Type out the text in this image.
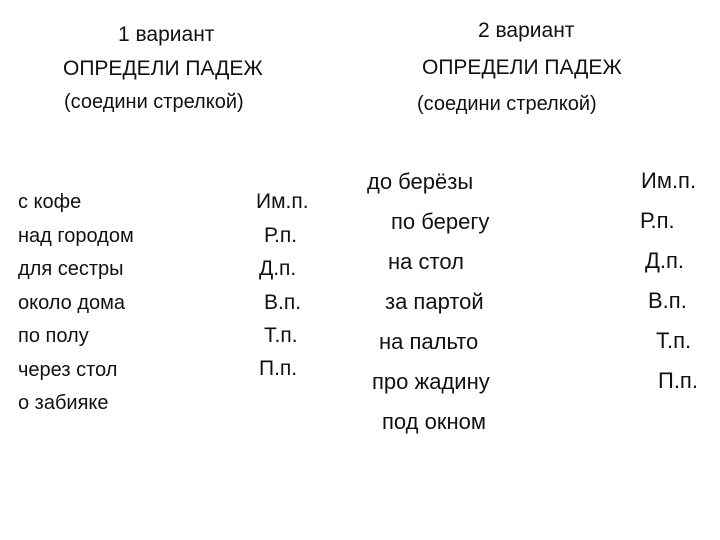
1 вариант
ОПРЕДЕЛИ ПАДЕЖ
(соедини стрелкой)
2 вариант
ОПРЕДЕЛИ ПАДЕЖ
(соедини стрелкой)
с кофе
над городом
для сестры
около дома
по полу
через стол
о забияке
Им.п.
Р.п.
Д.п.
В.п.
Т.п.
П.п.
до берёзы
по берегу
на стол
за партой
на пальто
про жадину
под окном
Им.п.
Р.п.
Д.п.
В.п.
Т.п.
П.п.
